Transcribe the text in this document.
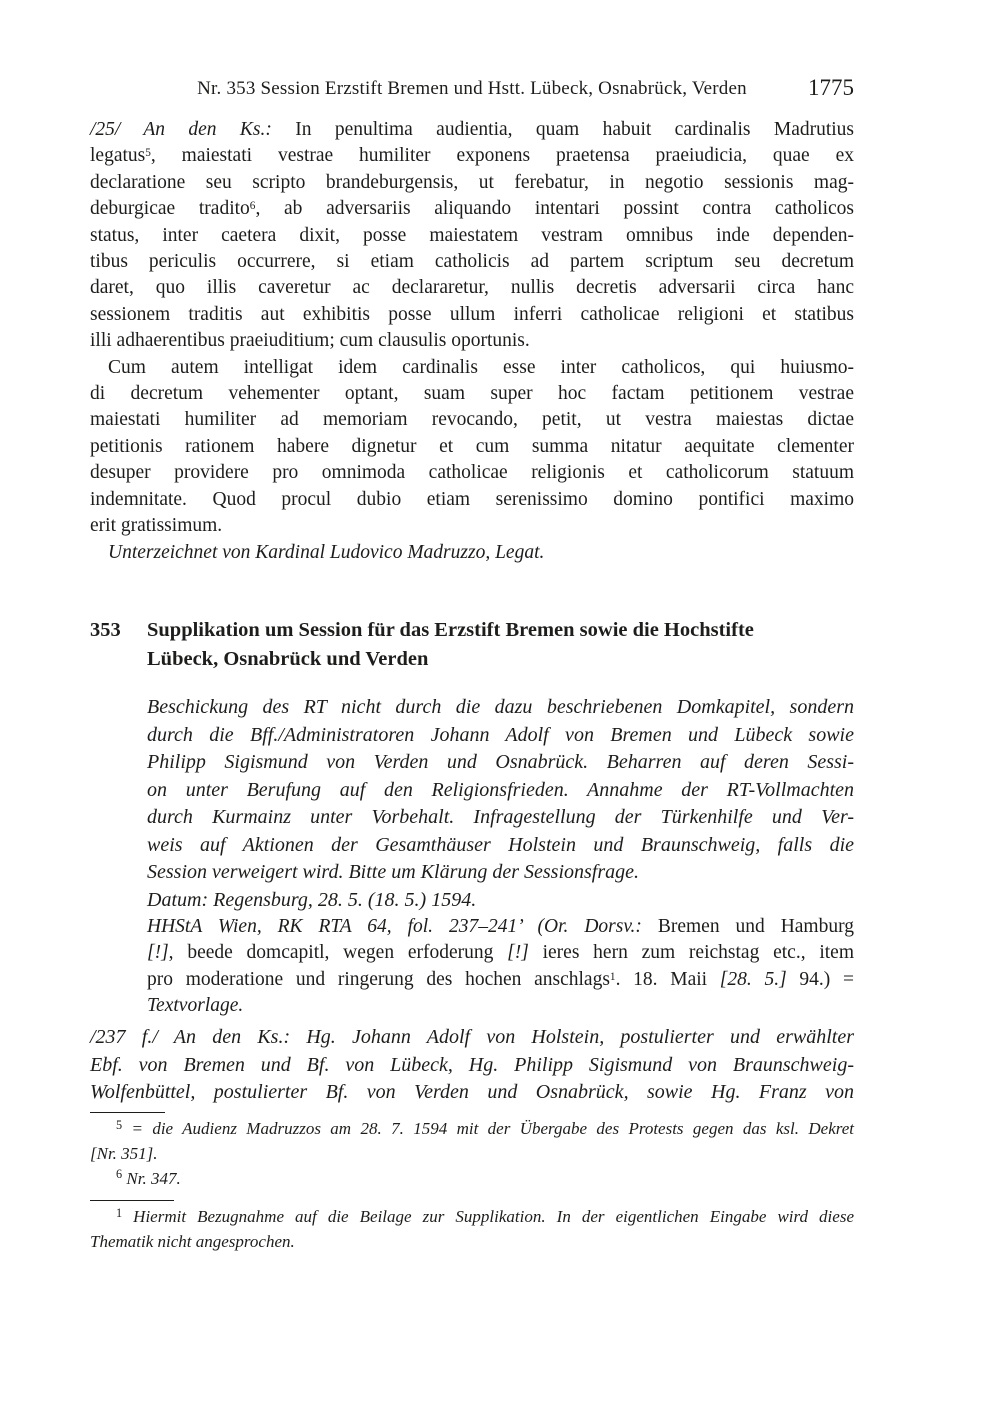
Nr. 353 Session Erzstift Bremen und Hstt. Lübeck, Osnabrück, Verden	1775
/25/ An den Ks.: In penultima audientia, quam habuit cardinalis Madrutius
legatus$^5$, maiestati vestrae humiliter exponens praetensa praeiudicia, quae ex
declaratione seu scripto brandeburgensis, ut ferebatur, in negotio sessionis mag-
deburgicae tradito$^6$, ab adversariis aliquando intentari possint contra catholicos
status, inter caetera dixit, posse maiestatem vestram omnibus inde dependen-
tibus periculis occurrere, si etiam catholicis ad partem scriptum seu decretum
daret, quo illis caveretur ac declararetur, nullis decretis adversarii circa hanc
sessionem traditis aut exhibitis posse ullum inferri catholicae religioni et statibus
illi adhaerentibus praeiuditium; cum clausulis oportunis.
Cum autem intelligat idem cardinalis esse inter catholicos, qui huiusmo-
di decretum vehementer optant, suam super hoc factam petitionem vestrae
maiestati humiliter ad memoriam revocando, petit, ut vestra maiestas dictae
petitionis rationem habere dignetur et cum summa nitatur aequitate clementer
desuper providere pro omnimoda catholicae religionis et catholicorum statuum
indemnitate. Quod procul dubio etiam serenissimo domino pontifici maximo
erit gratissimum.
Unterzeichnet von Kardinal Ludovico Madruzzo, Legat.
353	Supplikation um Session für das Erzstift Bremen sowie die Hochstifte
Lübeck, Osnabrück und Verden
Beschickung des RT nicht durch die dazu beschriebenen Domkapitel, sondern
durch die Bff./Administratoren Johann Adolf von Bremen und Lübeck sowie
Philipp Sigismund von Verden und Osnabrück. Beharren auf deren Sessi-
on unter Berufung auf den Religionsfrieden. Annahme der RT-Vollmachten
durch Kurmainz unter Vorbehalt. Infragestellung der Türkenhilfe und Ver-
weis auf Aktionen der Gesamthäuser Holstein und Braunschweig, falls die
Session verweigert wird. Bitte um Klärung der Sessionsfrage.
Datum: Regensburg, 28. 5. (18. 5.) 1594.
HHStA Wien, RK RTA 64, fol. 237–241’ (Or. Dorsv.: Bremen und Hamburg
[!], beede domcapitl, wegen erfoderung [!] ieres hern zum reichstag etc., item
pro moderatione und ringerung des hochen anschlags$^1$. 18. Maii [28. 5.] 94.) =
Textvorlage.
/237 f./ An den Ks.: Hg. Johann Adolf von Holstein, postulierter und erwählter
Ebf. von Bremen und Bf. von Lübeck, Hg. Philipp Sigismund von Braunschweig-
Wolfenbüttel, postulierter Bf. von Verden und Osnabrück, sowie Hg. Franz von
$^5$ = die Audienz Madruzzos am 28. 7. 1594 mit der Übergabe des Protests gegen das ksl. Dekret
[Nr. 351].
$^6$ Nr. 347.
$^1$ Hiermit Bezugnahme auf die Beilage zur Supplikation. In der eigentlichen Eingabe wird diese
Thematik nicht angesprochen.
